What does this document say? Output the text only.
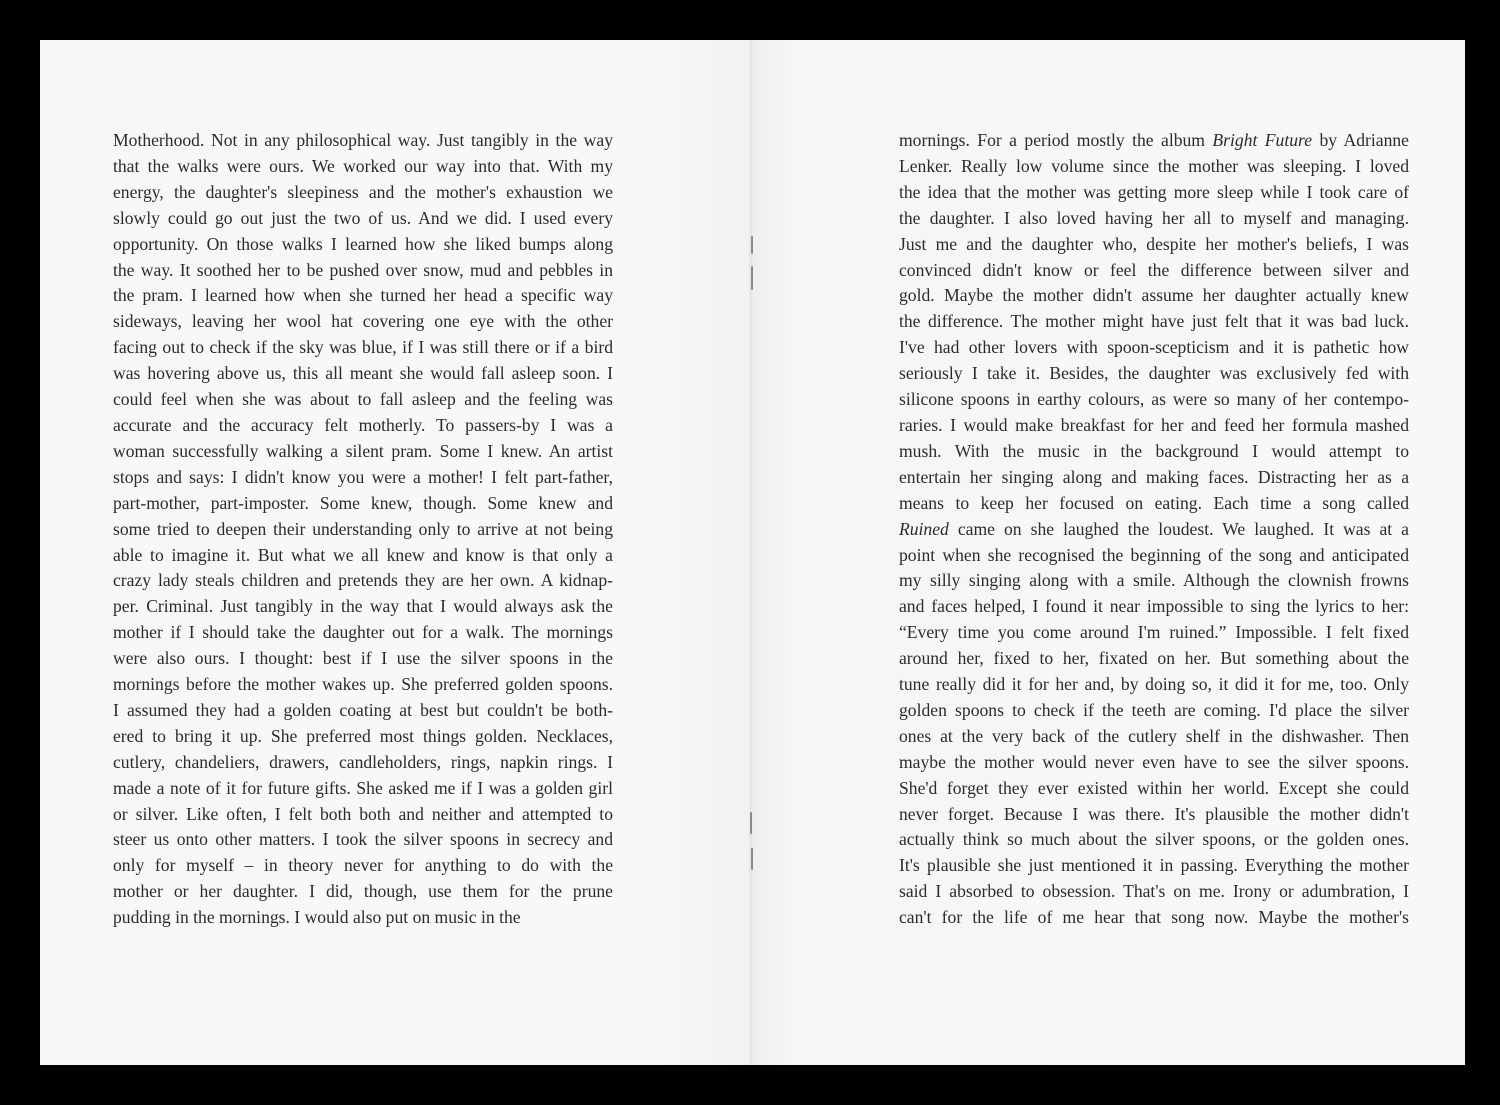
Motherhood. Not in any philosophical way. Just tangibly in the way
that the walks were ours. We worked our way into that. With my
energy, the daughter's sleepiness and the mother's exhaustion we
slowly could go out just the two of us. And we did. I used every
opportunity. On those walks I learned how she liked bumps along
the way. It soothed her to be pushed over snow, mud and pebbles in
the pram. I learned how when she turned her head a specific way
sideways, leaving her wool hat covering one eye with the other
facing out to check if the sky was blue, if I was still there or if a bird
was hovering above us, this all meant she would fall asleep soon. I
could feel when she was about to fall asleep and the feeling was
accurate and the accuracy felt motherly. To passers-by I was a
woman successfully walking a silent pram. Some I knew. An artist
stops and says: I didn't know you were a mother! I felt part-father,
part-mother, part-imposter. Some knew, though. Some knew and
some tried to deepen their understanding only to arrive at not being
able to imagine it. But what we all knew and know is that only a
crazy lady steals children and pretends they are her own. A kidnap-
per. Criminal. Just tangibly in the way that I would always ask the
mother if I should take the daughter out for a walk. The mornings
were also ours. I thought: best if I use the silver spoons in the
mornings before the mother wakes up. She preferred golden spoons.
I assumed they had a golden coating at best but couldn't be both-
ered to bring it up. She preferred most things golden. Necklaces,
cutlery, chandeliers, drawers, candleholders, rings, napkin rings. I
made a note of it for future gifts. She asked me if I was a golden girl
or silver. Like often, I felt both both and neither and attempted to
steer us onto other matters. I took the silver spoons in secrecy and
only for myself – in theory never for anything to do with the
mother or her daughter. I did, though, use them for the prune
pudding in the mornings. I would also put on music in the
mornings. For a period mostly the album Bright Future by Adrianne
Lenker. Really low volume since the mother was sleeping. I loved
the idea that the mother was getting more sleep while I took care of
the daughter. I also loved having her all to myself and managing.
Just me and the daughter who, despite her mother's beliefs, I was
convinced didn't know or feel the difference between silver and
gold. Maybe the mother didn't assume her daughter actually knew
the difference. The mother might have just felt that it was bad luck.
I've had other lovers with spoon-scepticism and it is pathetic how
seriously I take it. Besides, the daughter was exclusively fed with
silicone spoons in earthy colours, as were so many of her contempo-
raries. I would make breakfast for her and feed her formula mashed
mush. With the music in the background I would attempt to
entertain her singing along and making faces. Distracting her as a
means to keep her focused on eating. Each time a song called
Ruined came on she laughed the loudest. We laughed. It was at a
point when she recognised the beginning of the song and anticipated
my silly singing along with a smile. Although the clownish frowns
and faces helped, I found it near impossible to sing the lyrics to her:
“Every time you come around I'm ruined.” Impossible. I felt fixed
around her, fixed to her, fixated on her. But something about the
tune really did it for her and, by doing so, it did it for me, too. Only
golden spoons to check if the teeth are coming. I'd place the silver
ones at the very back of the cutlery shelf in the dishwasher. Then
maybe the mother would never even have to see the silver spoons.
She'd forget they ever existed within her world. Except she could
never forget. Because I was there. It's plausible the mother didn't
actually think so much about the silver spoons, or the golden ones.
It's plausible she just mentioned it in passing. Everything the mother
said I absorbed to obsession. That's on me. Irony or adumbration, I
can't for the life of me hear that song now. Maybe the mother's
